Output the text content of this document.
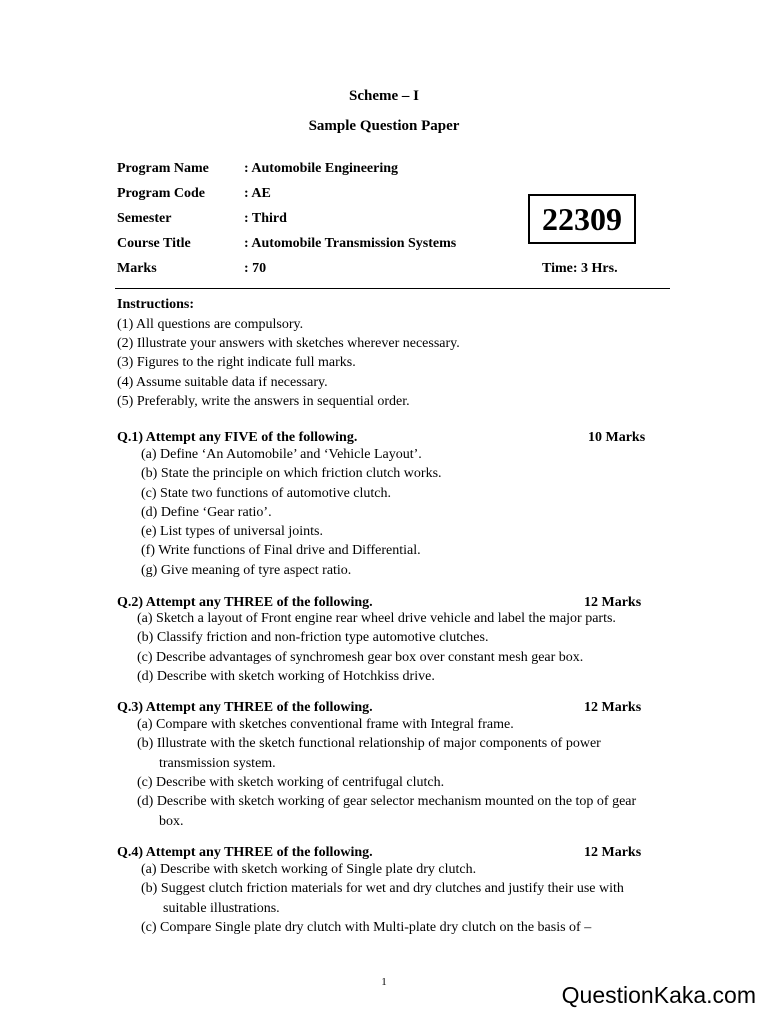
Scheme – I
Sample Question Paper
Program Name	: Automobile Engineering
Program Code	: AE
Semester	: Third
Course Title	: Automobile Transmission Systems
Marks	: 70
22309
Time: 3 Hrs.
Instructions:
(1) All questions are compulsory.
(2) Illustrate your answers with sketches wherever necessary.
(3) Figures to the right indicate full marks.
(4) Assume suitable data if necessary.
(5) Preferably, write the answers in sequential order.
Q.1) Attempt any FIVE of the following.	10 Marks
(a) Define ‘An Automobile’ and ‘Vehicle Layout’.
(b) State the principle on which friction clutch works.
(c) State two functions of automotive clutch.
(d) Define ‘Gear ratio’.
(e) List types of universal joints.
(f) Write functions of Final drive and Differential.
(g) Give meaning of tyre aspect ratio.
Q.2) Attempt any THREE of the following.	12 Marks
(a) Sketch a layout of Front engine rear wheel drive vehicle and label the major parts.
(b) Classify friction and non-friction type automotive clutches.
(c) Describe advantages of synchromesh gear box over constant mesh gear box.
(d) Describe with sketch working of Hotchkiss drive.
Q.3) Attempt any THREE of the following.	12 Marks
(a) Compare with sketches conventional frame with Integral frame.
(b) Illustrate with the sketch functional relationship of major components of power
transmission system.
(c) Describe with sketch working of centrifugal clutch.
(d) Describe with sketch working of gear selector mechanism mounted on the top of gear
box.
Q.4) Attempt any THREE of the following.	12 Marks
(a) Describe with sketch working of Single plate dry clutch.
(b) Suggest clutch friction materials for wet and dry clutches and justify their use with
suitable illustrations.
(c) Compare Single plate dry clutch with Multi-plate dry clutch on the basis of –
1	QuestionKaka.com
